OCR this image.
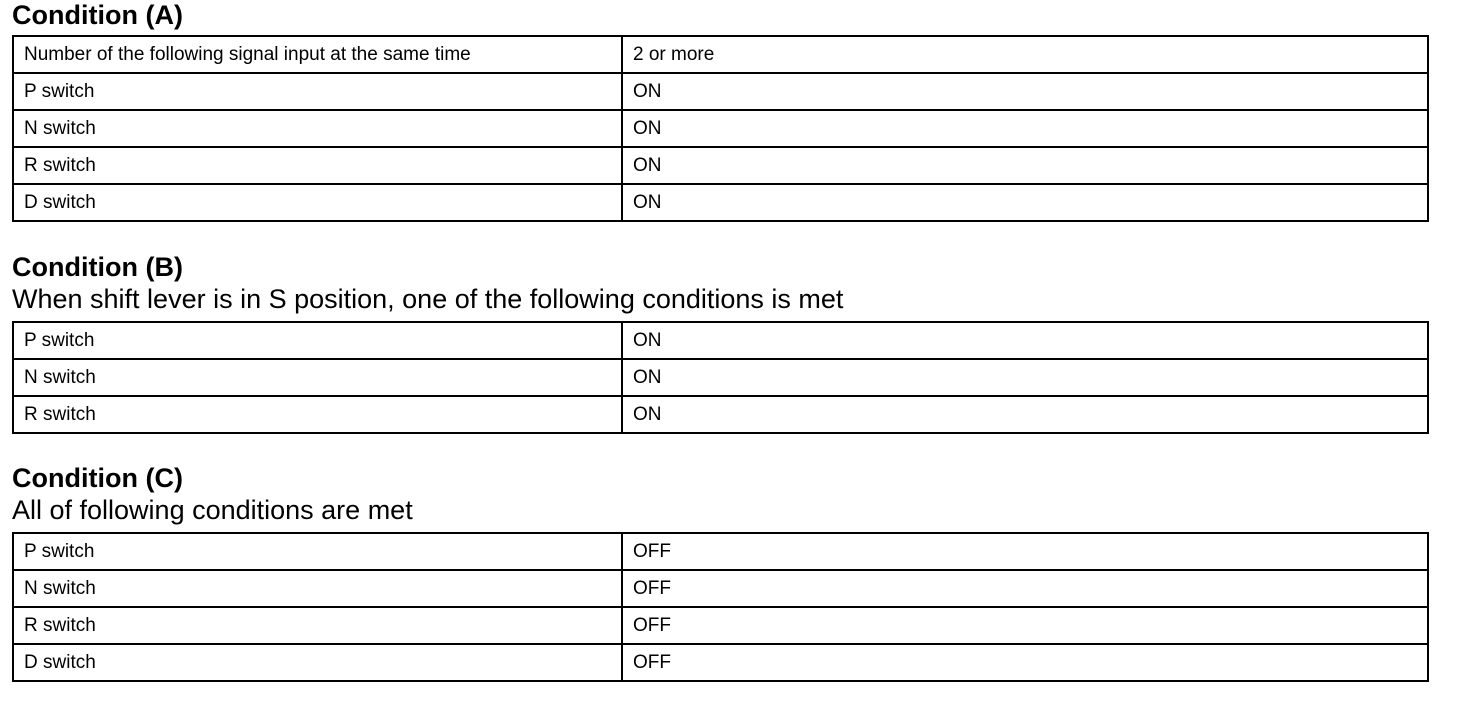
Condition (A)
Number of the following signal input at the same time	2 or more
P switch	ON
N switch	ON
R switch	ON
D switch	ON
Condition (B)
When shift lever is in S position, one of the following conditions is met
P switch	ON
N switch	ON
R switch	ON
Condition (C)
All of following conditions are met
P switch	OFF
N switch	OFF
R switch	OFF
D switch	OFF
